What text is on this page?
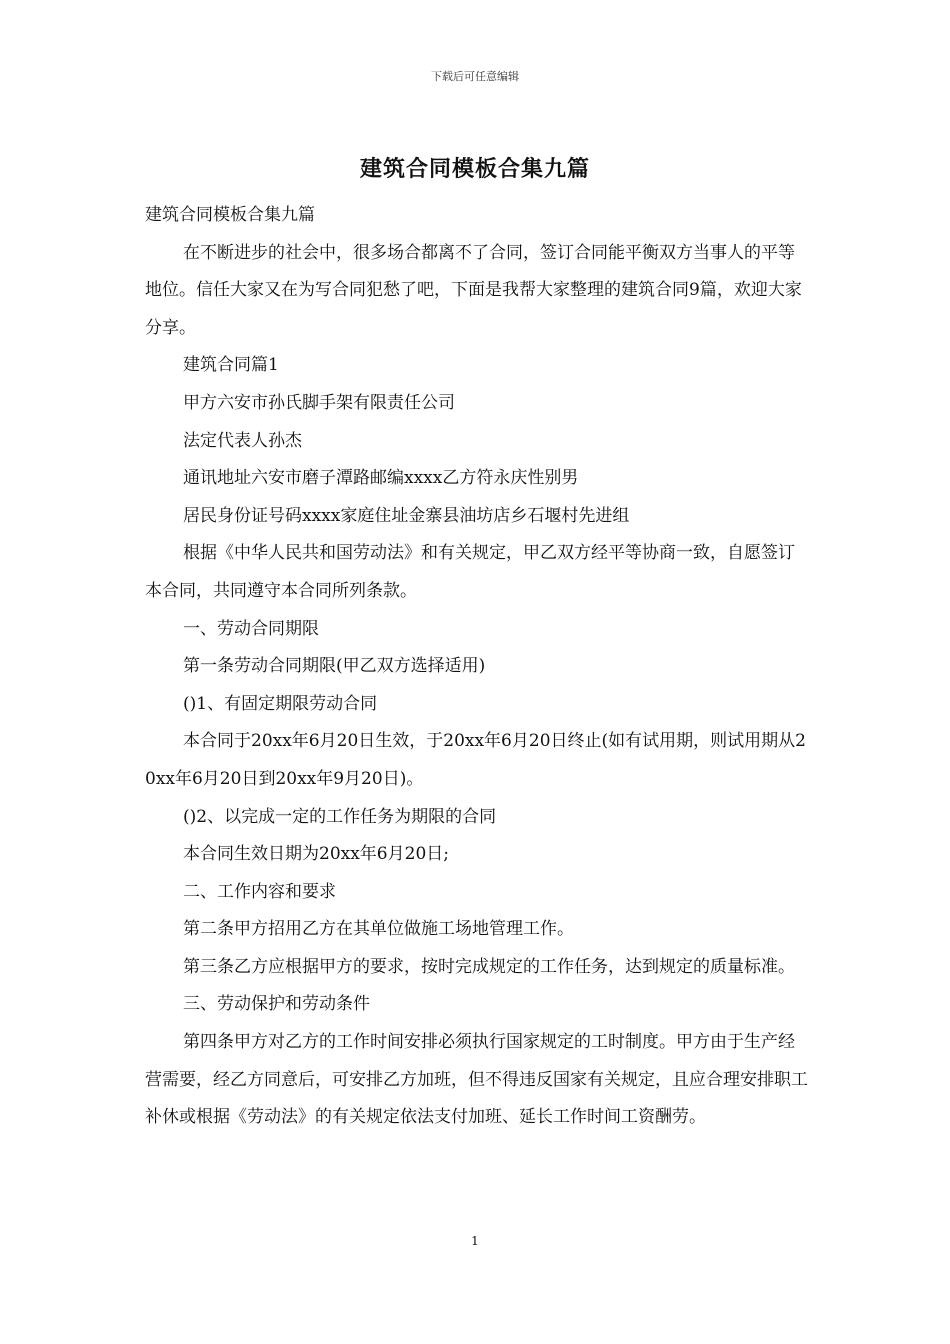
下载后可任意编辑
建筑合同模板合集九篇

建筑合同模板合集九篇

在不断进步的社会中，很多场合都离不了合同，签订合同能平衡双方当事人的平等地位。信任大家又在为写合同犯愁了吧，下面是我帮大家整理的建筑合同9篇，欢迎大家分享。

建筑合同篇1

甲方六安市孙氏脚手架有限责任公司

法定代表人孙杰

通讯地址六安市磨子潭路邮编xxxx乙方符永庆性别男

居民身份证号码xxxx家庭住址金寨县油坊店乡石堰村先进组

根据《中华人民共和国劳动法》和有关规定，甲乙双方经平等协商一致，自愿签订本合同，共同遵守本合同所列条款。

一、劳动合同期限

第一条劳动合同期限(甲乙双方选择适用)

()1、有固定期限劳动合同

本合同于20xx年6月20日生效，于20xx年6月20日终止(如有试用期，则试用期从20xx年6月20日到20xx年9月20日)。

()2、以完成一定的工作任务为期限的合同

本合同生效日期为20xx年6月20日;

二、工作内容和要求

第二条甲方招用乙方在其单位做施工场地管理工作。

第三条乙方应根据甲方的要求，按时完成规定的工作任务，达到规定的质量标准。

三、劳动保护和劳动条件

第四条甲方对乙方的工作时间安排必须执行国家规定的工时制度。甲方由于生产经营需要，经乙方同意后，可安排乙方加班，但不得违反国家有关规定，且应合理安排职工补休或根据《劳动法》的有关规定依法支付加班、延长工作时间工资酬劳。

1
